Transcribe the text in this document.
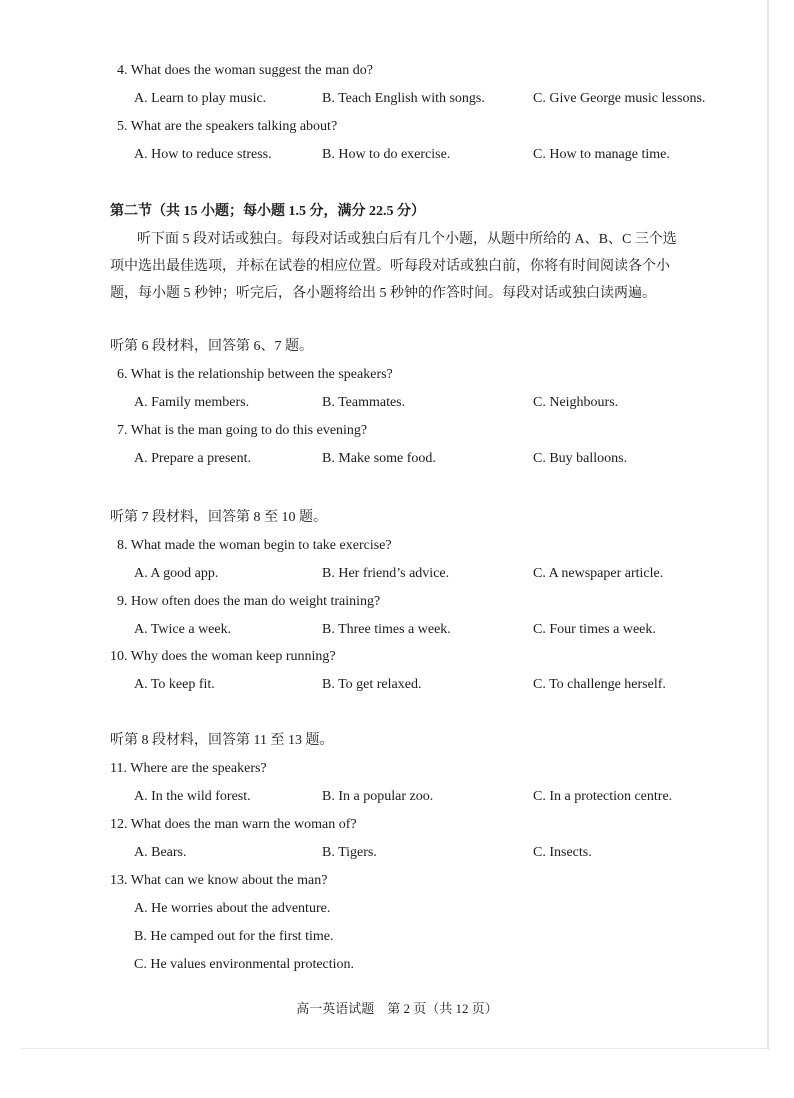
4. What does the woman suggest the man do?
A. Learn to play music.	B. Teach English with songs.	C. Give George music lessons.
5. What are the speakers talking about?
A. How to reduce stress.	B. How to do exercise.	C. How to manage time.
第二节（共 15 小题；每小题 1.5 分，满分 22.5 分）
听下面 5 段对话或独白。每段对话或独白后有几个小题，从题中所给的 A、B、C 三个选
项中选出最佳选项，并标在试卷的相应位置。听每段对话或独白前，你将有时间阅读各个小
题，每小题 5 秒钟；听完后，各小题将给出 5 秒钟的作答时间。每段对话或独白读两遍。
听第 6 段材料，回答第 6、7 题。
6. What is the relationship between the speakers?
A. Family members.	B. Teammates.	C. Neighbours.
7. What is the man going to do this evening?
A. Prepare a present.	B. Make some food.	C. Buy balloons.
听第 7 段材料，回答第 8 至 10 题。
8. What made the woman begin to take exercise?
A. A good app.	B. Her friend’s advice.	C. A newspaper article.
9. How often does the man do weight training?
A. Twice a week.	B. Three times a week.	C. Four times a week.
10. Why does the woman keep running?
A. To keep fit.	B. To get relaxed.	C. To challenge herself.
听第 8 段材料，回答第 11 至 13 题。
11. Where are the speakers?
A. In the wild forest.	B. In a popular zoo.	C. In a protection centre.
12. What does the man warn the woman of?
A. Bears.	B. Tigers.	C. Insects.
13. What can we know about the man?
A. He worries about the adventure.
B. He camped out for the first time.
C. He values environmental protection.
高一英语试题　第 2 页（共 12 页）
